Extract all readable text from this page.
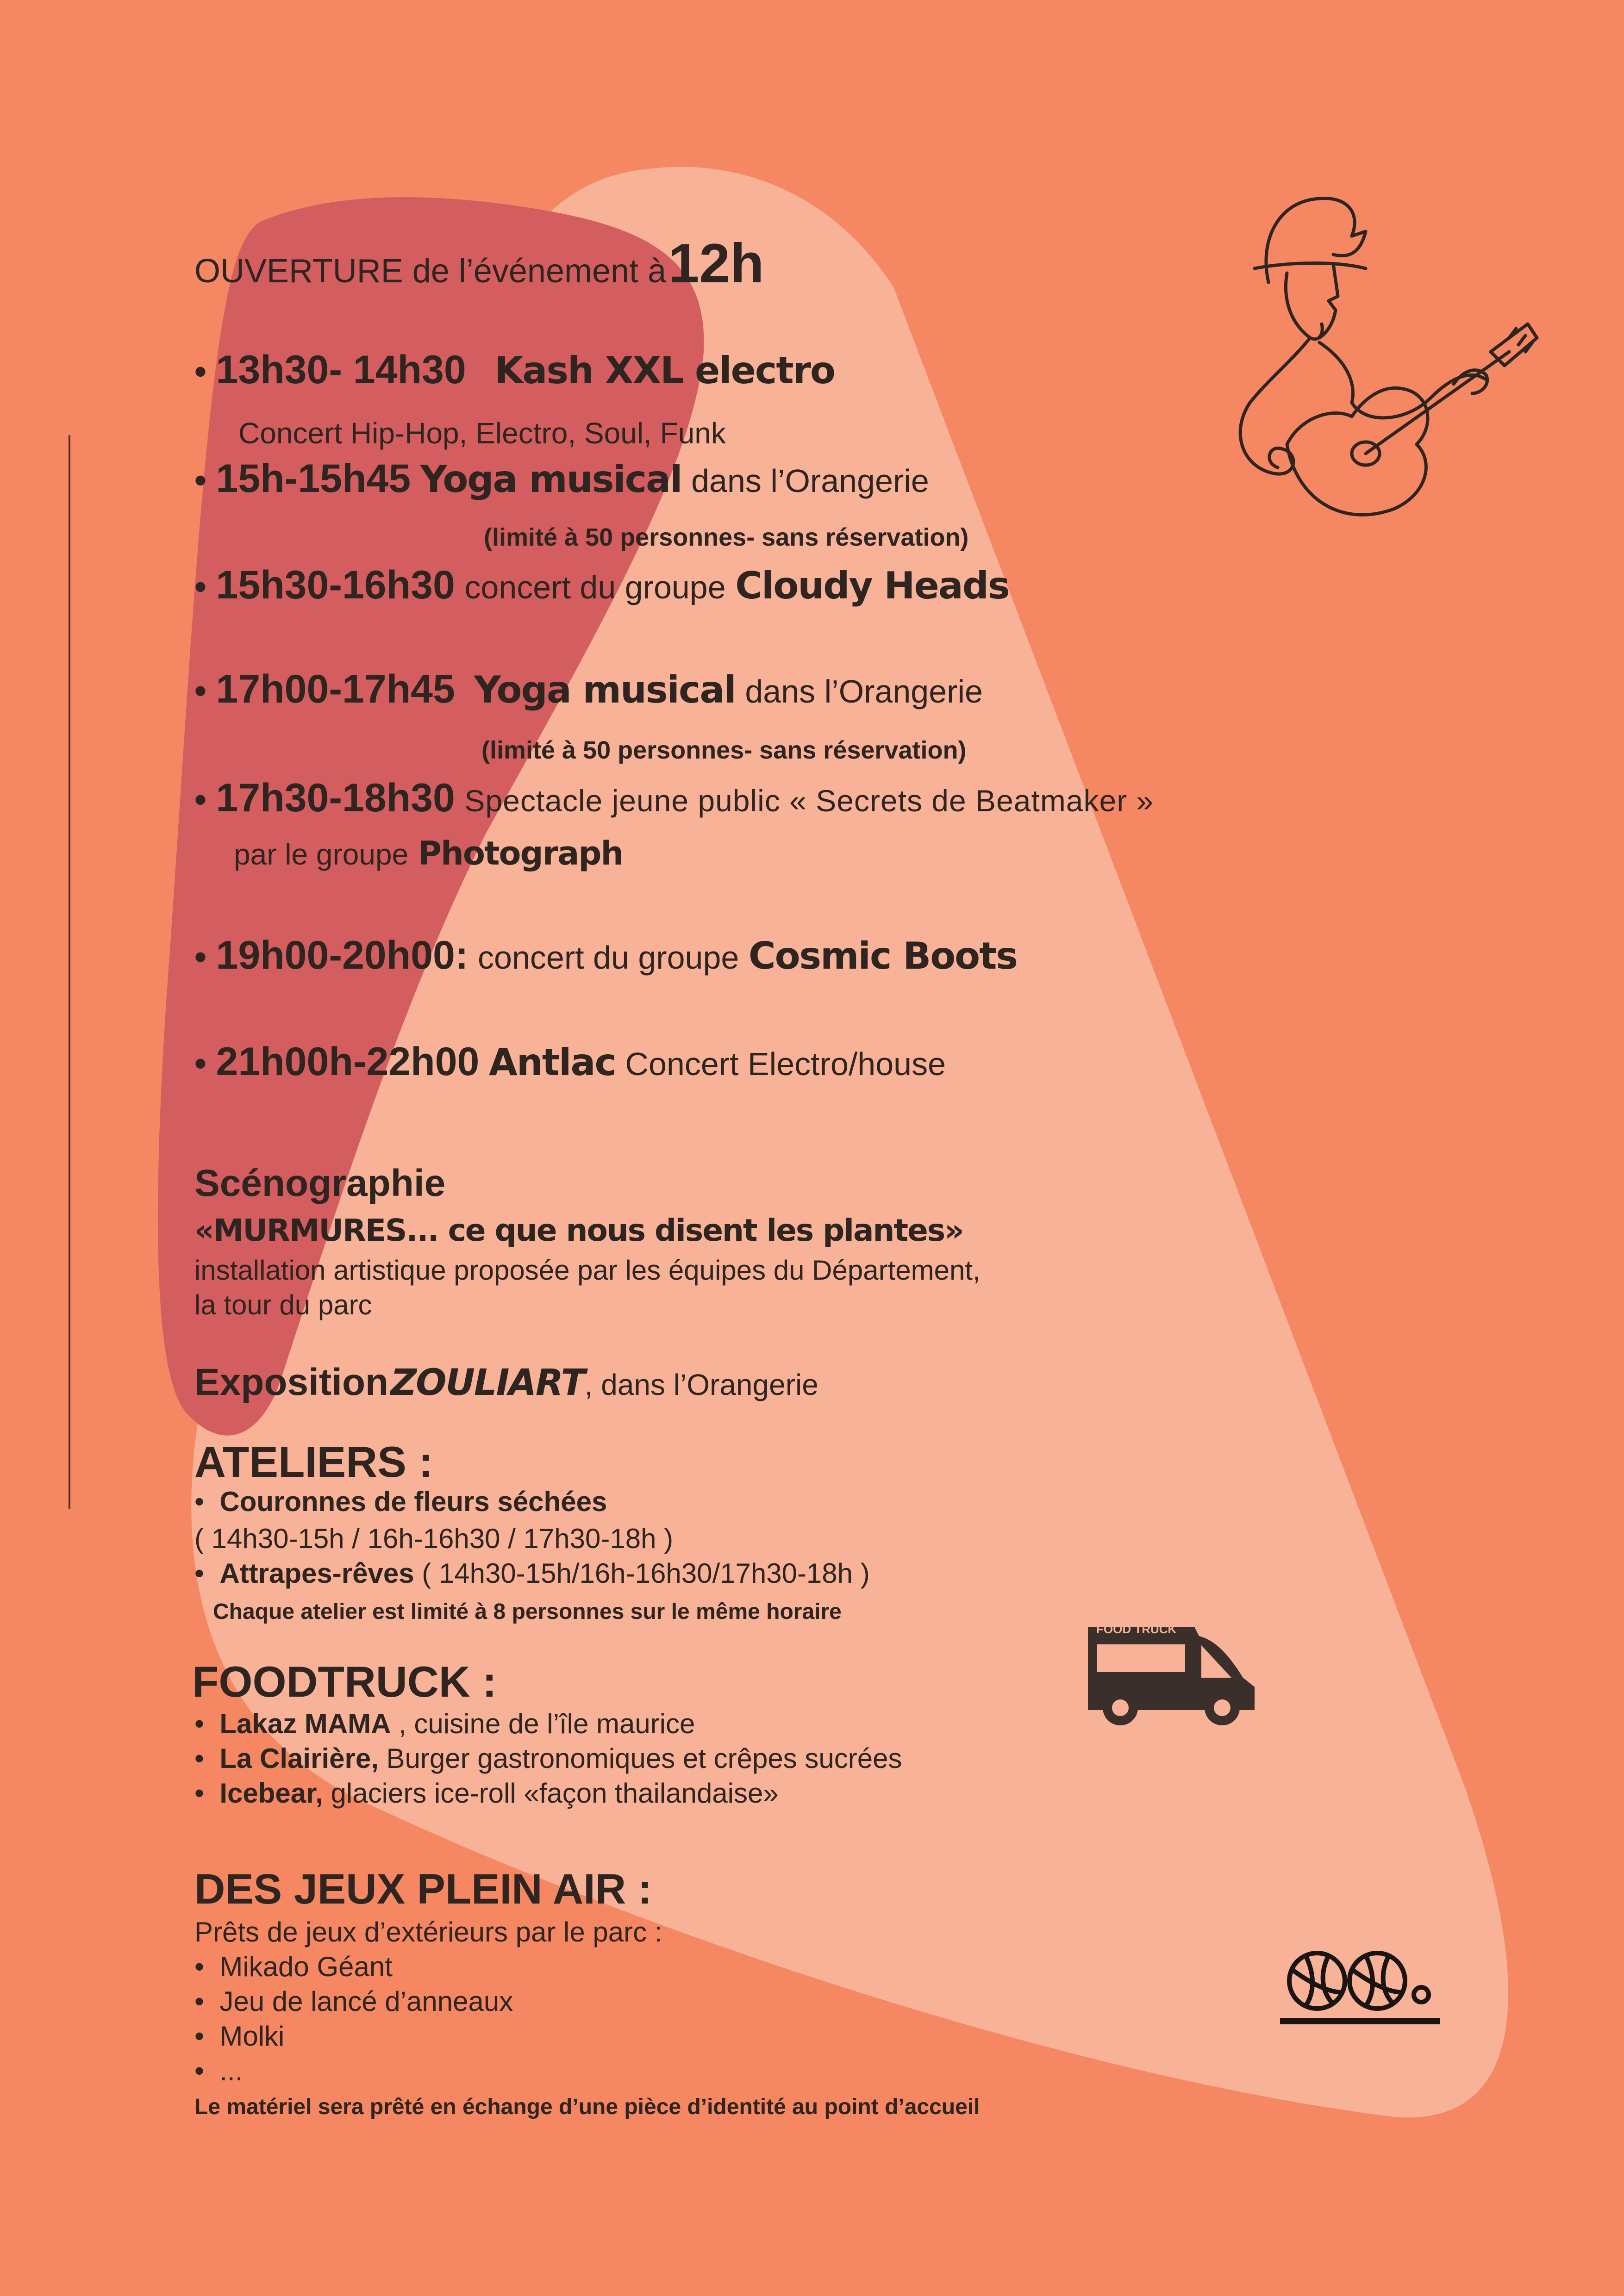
OUVERTURE de l’événement à 12h
• 13h30- 14h30 Kash XXL electro
Concert Hip-Hop, Electro, Soul, Funk
• 15h-15h45 Yoga musical dans l’Orangerie
(limité à 50 personnes- sans réservation)
• 15h30-16h30 concert du groupe Cloudy Heads
• 17h00-17h45 Yoga musical dans l’Orangerie
(limité à 50 personnes- sans réservation)
• 17h30-18h30 Spectacle jeune public « Secrets de Beatmaker »
par le groupe Photograph
• 19h00-20h00: concert du groupe Cosmic Boots
• 21h00h-22h00 Antlac Concert Electro/house
Scénographie
«MURMURES... ce que nous disent les plantes»
installation artistique proposée par les équipes du Département,
la tour du parc
Exposition ZOULIART, dans l’Orangerie
ATELIERS :
• Couronnes de fleurs séchées
( 14h30-15h / 16h-16h30 / 17h30-18h )
• Attrapes-rêves ( 14h30-15h/16h-16h30/17h30-18h )
Chaque atelier est limité à 8 personnes sur le même horaire
FOOD TRUCK
FOODTRUCK :
• Lakaz MAMA , cuisine de l’île maurice
• La Clairière, Burger gastronomiques et crêpes sucrées
• Icebear, glaciers ice-roll «façon thailandaise»
DES JEUX PLEIN AIR :
Prêts de jeux d’extérieurs par le parc :
• Mikado Géant
• Jeu de lancé d’anneaux
• Molki
• ...
Le matériel sera prêté en échange d’une pièce d’identité au point d’accueil
